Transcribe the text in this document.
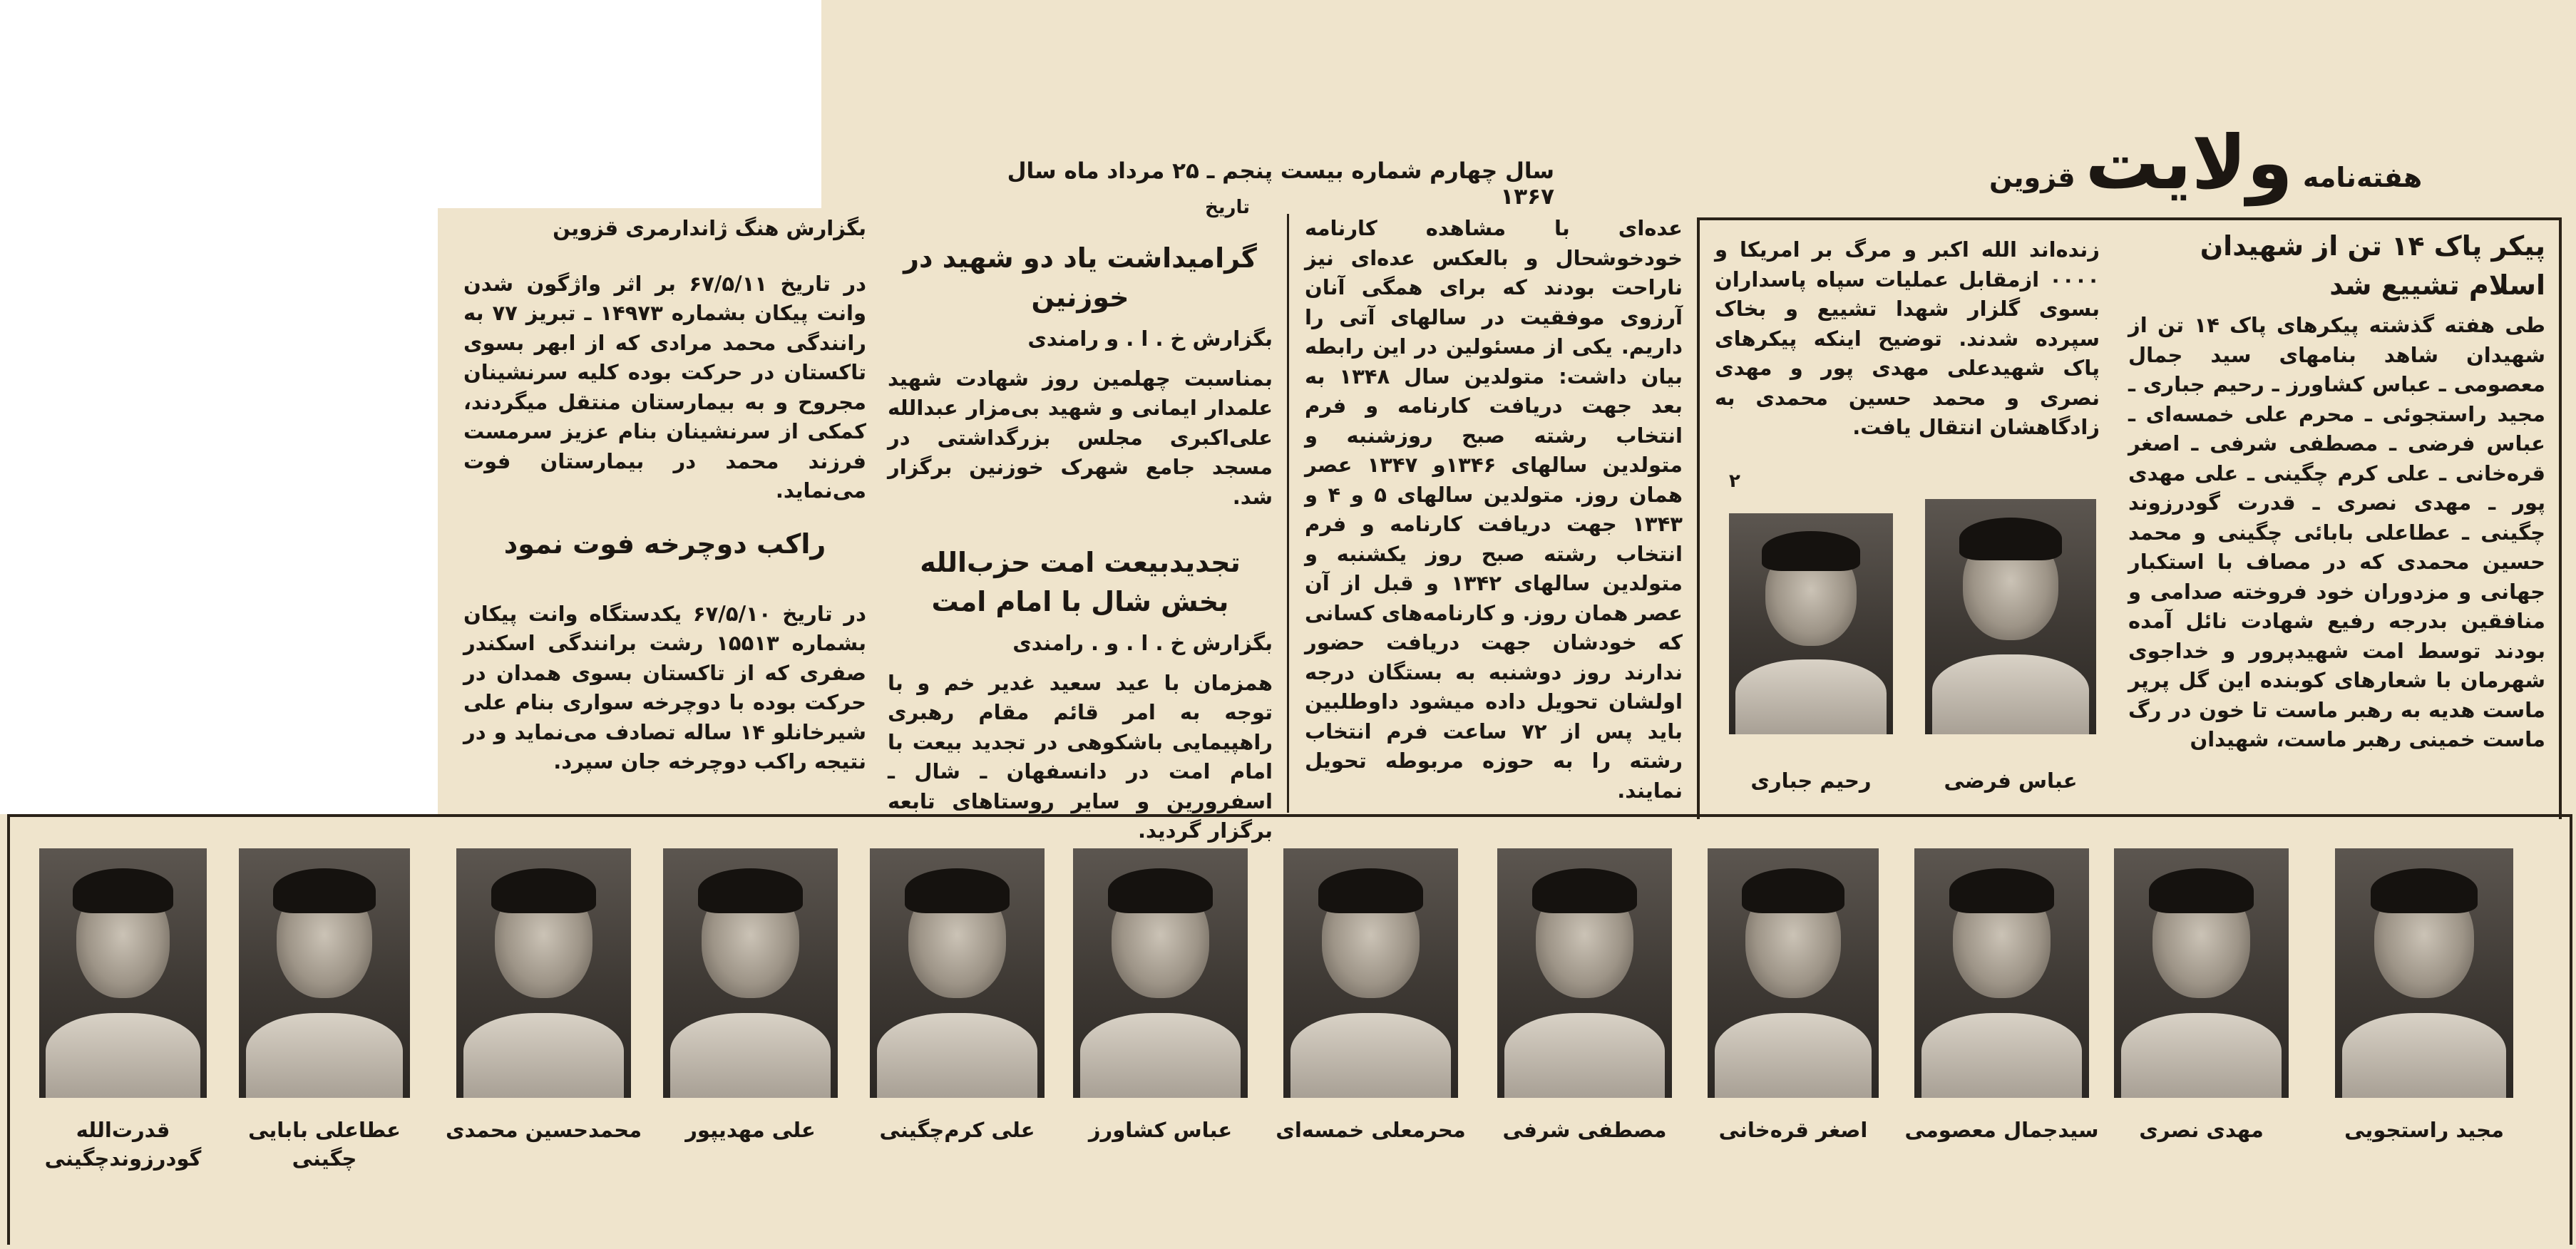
هفته‌نامه
ولایت
قزوین
سال چهارم شماره بیست پنجم ـ ۲۵ مرداد ماه سال ۱۳۶۷
تاریخ
پیکر پاک ۱۴ تن از شهیدان اسلام تشییع شد

طی هفته گذشته پیکرهای پاک ۱۴ تن از شهیدان شاهد بنامهای سید جمال معصومی ـ عباس کشاورز ـ رحیم جباری ـ مجید راستجوئی ـ محرم علی خمسه‌ای ـ عباس فرضی ـ مصطفی شرفی ـ اصغر قره‌خانی ـ علی کرم چگینی ـ علی مهدی پور ـ مهدی نصری ـ قدرت گودرزوند چگینی ـ عطاعلی بابائی چگینی و محمد حسین محمدی که در مصاف با استکبار جهانی و مزدوران خود فروخته صدامی و منافقین بدرجه رفیع شهادت نائل آمده بودند توسط امت شهیدپرور و خداجوی شهرمان با شعارهای کوبنده این گل پرپر ماست هدیه به رهبر ماست تا خون در رگ ماست خمینی رهبر ماست، شهیدان

زنده‌اند الله اکبر و مرگ بر امریکا و ۰۰۰۰ ازمقابل عملیات سپاه پاسداران بسوی گلزار شهدا تشییع و بخاک سپرده شدند. توضیح اینکه پیکرهای پاک شهیدعلی مهدی پور و مهدی نصری و محمد حسین محمدی به زادگاهشان انتقال یافت.

۲
عباس فرضی
رحیم جباری

عده‌ای با مشاهده کارنامه خودخوشحال و بالعکس عده‌ای نیز ناراحت بودند که برای همگی آنان آرزوی موفقیت در سالهای آتی را داریم. یکی از مسئولین در این رابطه بیان داشت: متولدین سال ۱۳۴۸ به بعد جهت دریافت کارنامه و فرم انتخاب رشته صبح روزشنبه و متولدین سالهای ۱۳۴۶و ۱۳۴۷ عصر همان روز. متولدین سالهای ۵ و ۴ و ۱۳۴۳ جهت دریافت کارنامه و فرم انتخاب رشته صبح روز یکشنبه و متولدین سالهای ۱۳۴۲ و قبل از آن عصر همان روز. و کارنامه‌های کسانی که خودشان جهت دریافت حضور ندارند روز دوشنبه به بستگان درجه اولشان تحویل داده میشود داوطلبین باید پس از ۷۲ ساعت فرم انتخاب رشته را به حوزه مربوطه تحویل نمایند.

گرامیداشت یاد دو شهید در خوزنین
بگزارش خ . ا . و رامندی

بمناسبت چهلمین روز شهادت شهید علمدار ایمانی و شهید بی‌مزار عبدالله علی‌اکبری مجلس بزرگداشتی در مسجد جامع شهرک خوزنین برگزار شد.

تجدیدبیعت امت حزب‌الله بخش شال با امام امت
بگزارش خ . ا . و . رامندی

همزمان با عید سعید غدیر خم و با توجه به امر قائم مقام رهبری راهپیمایی باشکوهی در تجدید بیعت با امام امت در دانسفهان ـ شال ـ اسفرورین و سایر روستاهای تابعه برگزار گردید.

بگزارش هنگ ژاندارمری قزوین

در تاریخ ۶۷/۵/۱۱ بر اثر واژگون شدن وانت پیکان بشماره ۱۴۹۷۳ ـ تبریز ۷۷ به رانندگی محمد مرادی که از ابهر بسوی تاکستان در حرکت بوده کلیه سرنشینان مجروح و به بیمارستان منتقل میگردند، کمکی از سرنشینان بنام عزیز سرمست فرزند محمد در بیمارستان فوت می‌نماید.

راکب دوچرخه فوت نمود

در تاریخ ۶۷/۵/۱۰ یکدستگاه وانت پیکان بشماره ۱۵۵۱۳ رشت برانندگی اسکندر صفری که از تاکستان بسوی همدان در حرکت بوده با دوچرخه سواری بنام علی شیرخانلو ۱۴ ساله تصادف می‌نماید و در نتیجه راکب دوچرخه جان سپرد.

مجید راستجویی
مهدی نصری
سیدجمال معصومی
اصغر قره‌خانی
مصطفی شرفی
محرمعلی خمسه‌ای
عباس کشاورز
علی کرم‌چگینی
علی مهدیپور
محمدحسین محمدی
عطاعلی بابایی چگینی
قدرت‌الله گودرزوند‌چگینی
